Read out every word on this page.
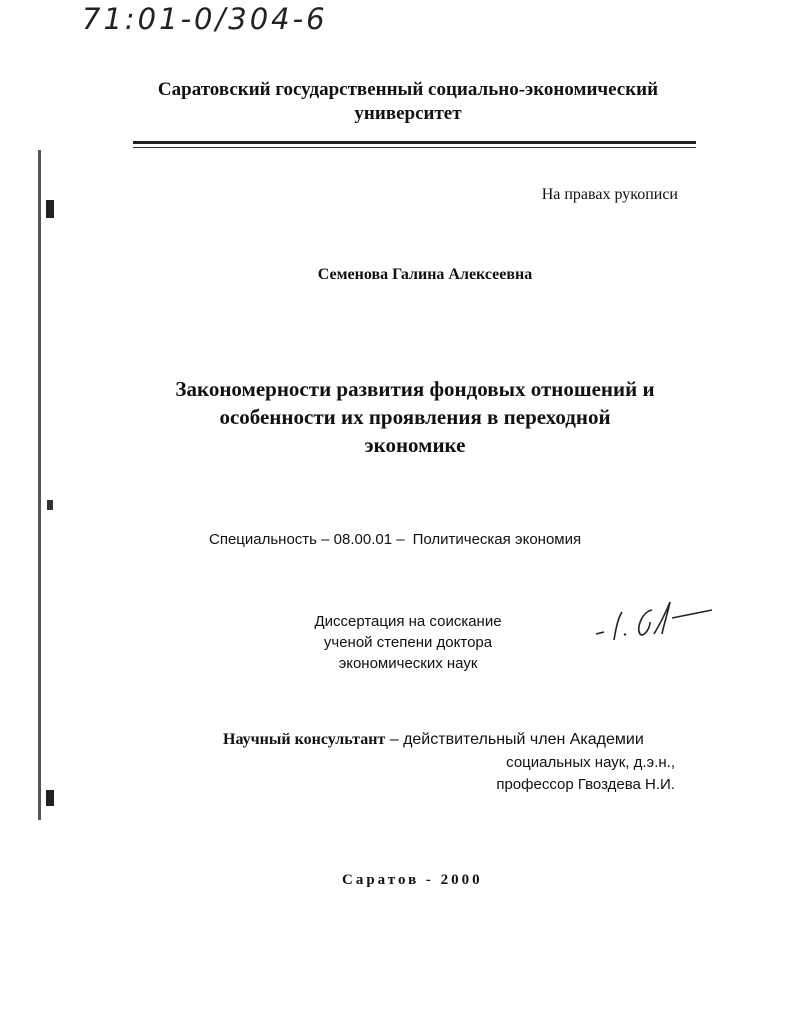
71:01-0/304-6
Саратовский государственный социально-экономический
университет
На правах рукописи
Семенова Галина Алексеевна
Закономерности развития фондовых отношений и
особенности их проявления в переходной
экономике
Специальность – 08.00.01 – Политическая экономия
Диссертация на соискание
ученой степени доктора
экономических наук
Научный консультант – действительный член Академии
социальных наук, д.э.н.,
профессор Гвоздева Н.И.
Саратов - 2000
